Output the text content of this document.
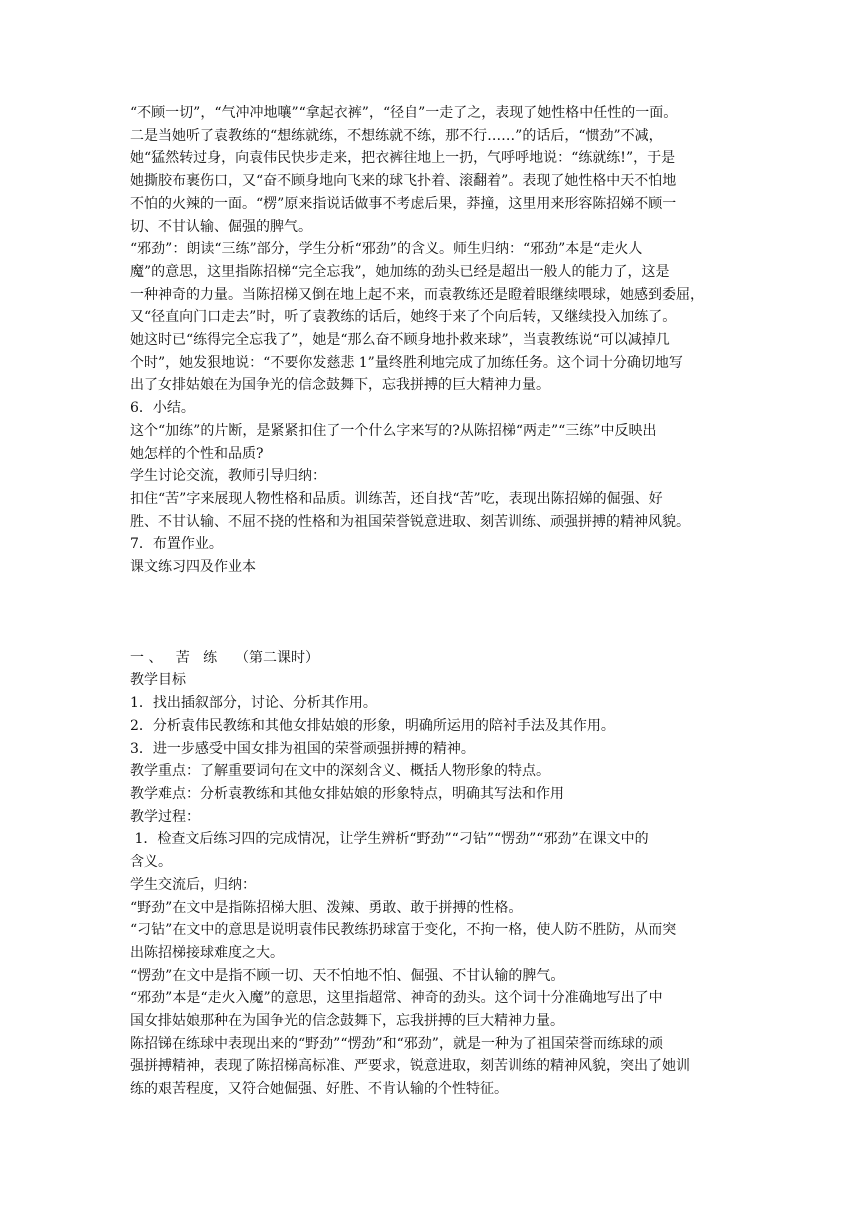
“不顾一切”，“气冲冲地嚷”“拿起衣裤”，“径自”一走了之，表现了她性格中任性的一面。

二是当她听了袁教练的“想练就练，不想练就不练，那不行……”的话后，“惯劲”不减，

她“猛然转过身，向袁伟民快步走来，把衣裤往地上一扔，气呼呼地说：“练就练!”，于是

她撕胶布裹伤口，又“奋不顾身地向飞来的球飞扑着、滚翻着”。表现了她性格中天不怕地

不怕的火辣的一面。“楞”原来指说话做事不考虑后果，莽撞，这里用来形容陈招娣不顾一

切、不甘认输、倔强的脾气。

“邪劲”：朗读“三练”部分，学生分析“邪劲”的含义。师生归纳：“邪劲”本是“走火人

魔”的意思，这里指陈招梯“完全忘我”，她加练的劲头已经是超出一般人的能力了，这是

一种神奇的力量。当陈招梯又倒在地上起不来，而袁教练还是瞪着眼继续喂球，她感到委屈，

又“径直向门口走去”时，听了袁教练的话后，她终于来了个向后转，又继续投入加练了。

她这时已“练得完全忘我了”，她是“那么奋不顾身地扑救来球”，当袁教练说“可以减掉几

个时”，她发狠地说：“不要你发慈悲 1”量终胜利地完成了加练任务。这个词十分确切地写

出了女排姑娘在为国争光的信念鼓舞下，忘我拼搏的巨大精神力量。

6．小结。

这个“加练”的片断，是紧紧扣住了一个什么字来写的?从陈招梯“两走”“三练”中反映出

她怎样的个性和品质?

学生讨论交流，教师引导归纳：

扣住“苦”字来展现人物性格和品质。训练苦，还自找“苦”吃，表现出陈招娣的倔强、好

胜、不甘认输、不屈不挠的性格和为祖国荣誉锐意进取、刻苦训练、顽强拼搏的精神风貌。

7．布置作业。

课文练习四及作业本

一 、   苦   练    （第二课时）

教学目标

1．找出插叙部分，讨论、分析其作用。

2．分析袁伟民教练和其他女排姑娘的形象，明确所运用的陪衬手法及其作用。

3．进一步感受中国女排为祖国的荣誉顽强拼搏的精神。

教学重点：了解重要词句在文中的深刻含义、概括人物形象的特点。

教学难点：分析袁教练和其他女排姑娘的形象特点，明确其写法和作用

教学过程：

1．检查文后练习四的完成情况，让学生辨析“野劲”“刁钻”“愣劲”“邪劲”在课文中的

含义。

学生交流后，归纳：

“野劲”在文中是指陈招梯大胆、泼辣、勇敢、敢于拼搏的性格。

“刁钻”在文中的意思是说明袁伟民教练扔球富于变化，不拘一格，使人防不胜防，从而突

出陈招梯接球难度之大。

“愣劲”在文中是指不顾一切、天不怕地不怕、倔强、不甘认输的脾气。

“邪劲”本是“走火入魔”的意思，这里指超常、神奇的劲头。这个词十分准确地写出了中

国女排姑娘那种在为国争光的信念鼓舞下，忘我拼搏的巨大精神力量。

陈招锑在练球中表现出来的“野劲”“愣劲”和“邪劲”，就是一种为了祖国荣誉而练球的顽

强拼搏精神，表现了陈招梯高标准、严要求，锐意进取，刻苦训练的精神风貌，突出了她训

练的艰苦程度，又符合她倔强、好胜、不肯认输的个性特征。
